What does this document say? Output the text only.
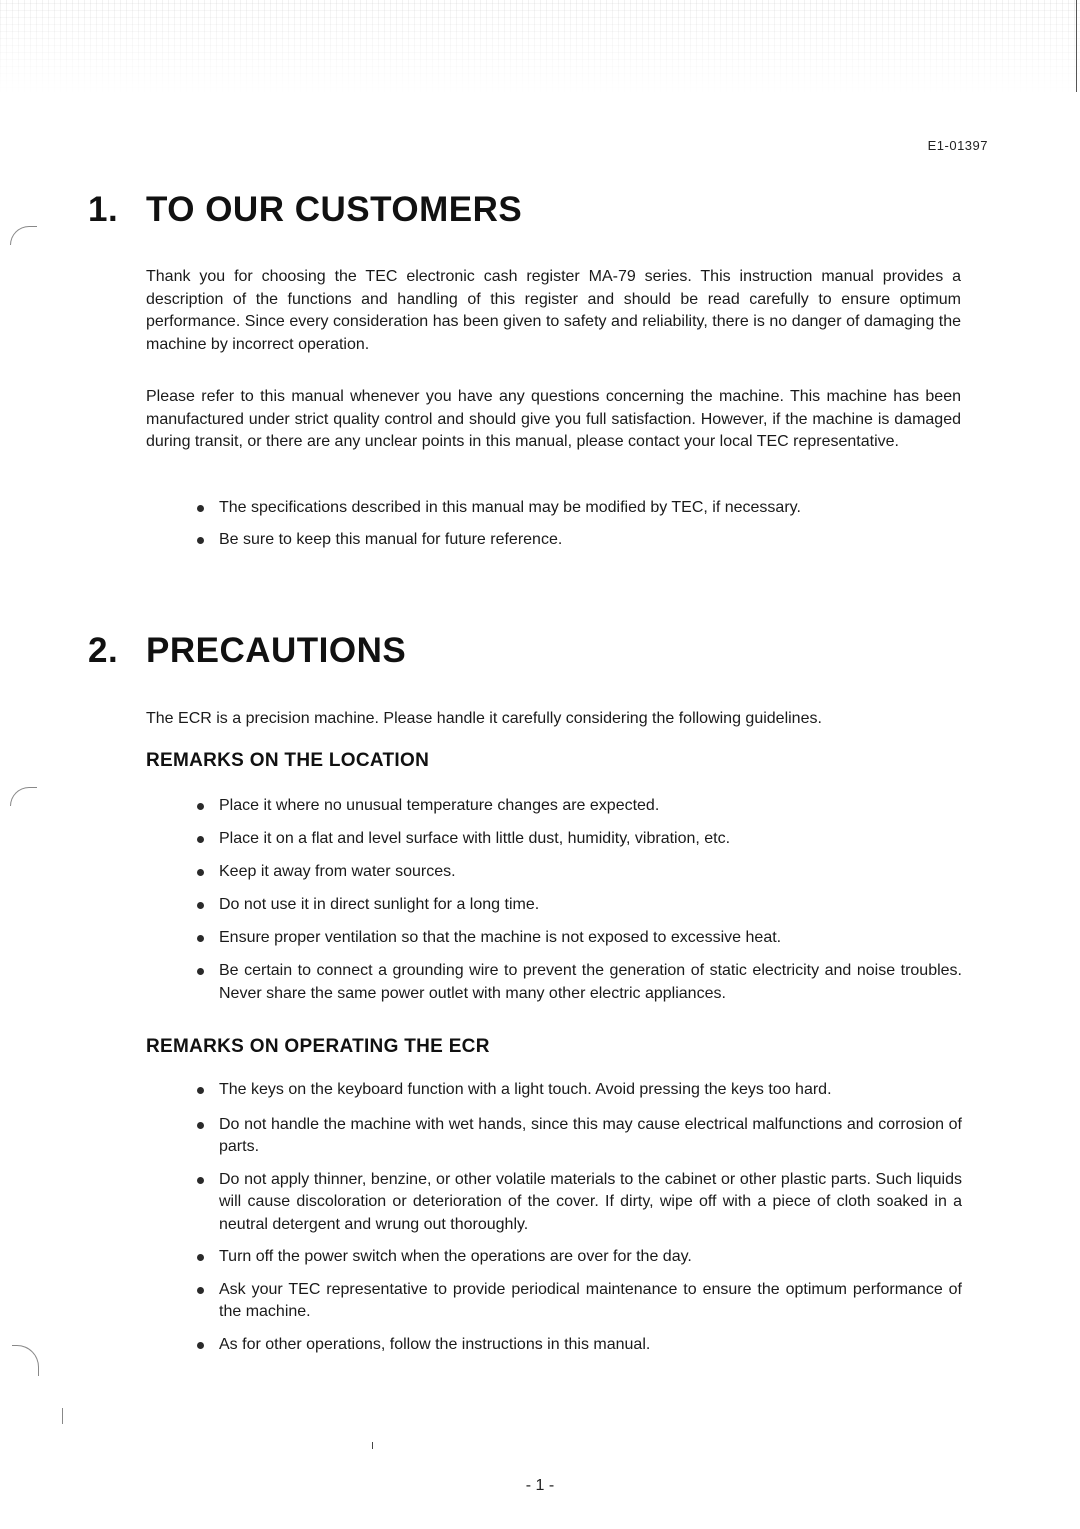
E1-01397
1. TO OUR CUSTOMERS

Thank you for choosing the TEC electronic cash register MA-79 series. This instruction manual provides a description of the functions and handling of this register and should be read carefully to ensure optimum performance. Since every consideration has been given to safety and reliability, there is no danger of damaging the machine by incorrect operation.

Please refer to this manual whenever you have any questions concerning the machine. This machine has been manufactured under strict quality control and should give you full satisfaction. However, if the machine is damaged during transit, or there are any unclear points in this manual, please contact your local TEC representative.

The specifications described in this manual may be modified by TEC, if necessary.
Be sure to keep this manual for future reference.
2. PRECAUTIONS

The ECR is a precision machine. Please handle it carefully considering the following guidelines.

REMARKS ON THE LOCATION
Place it where no unusual temperature changes are expected.
Place it on a flat and level surface with little dust, humidity, vibration, etc.
Keep it away from water sources.
Do not use it in direct sunlight for a long time.
Ensure proper ventilation so that the machine is not exposed to excessive heat.
Be certain to connect a grounding wire to prevent the generation of static electricity and noise troubles. Never share the same power outlet with many other electric appliances.
REMARKS ON OPERATING THE ECR
The keys on the keyboard function with a light touch. Avoid pressing the keys too hard.
Do not handle the machine with wet hands, since this may cause electrical malfunctions and corrosion of parts.
Do not apply thinner, benzine, or other volatile materials to the cabinet or other plastic parts. Such liquids will cause discoloration or deterioration of the cover. If dirty, wipe off with a piece of cloth soaked in a neutral detergent and wrung out thoroughly.
Turn off the power switch when the operations are over for the day.
Ask your TEC representative to provide periodical maintenance to ensure the optimum performance of the machine.
As for other operations, follow the instructions in this manual.
- 1 -
